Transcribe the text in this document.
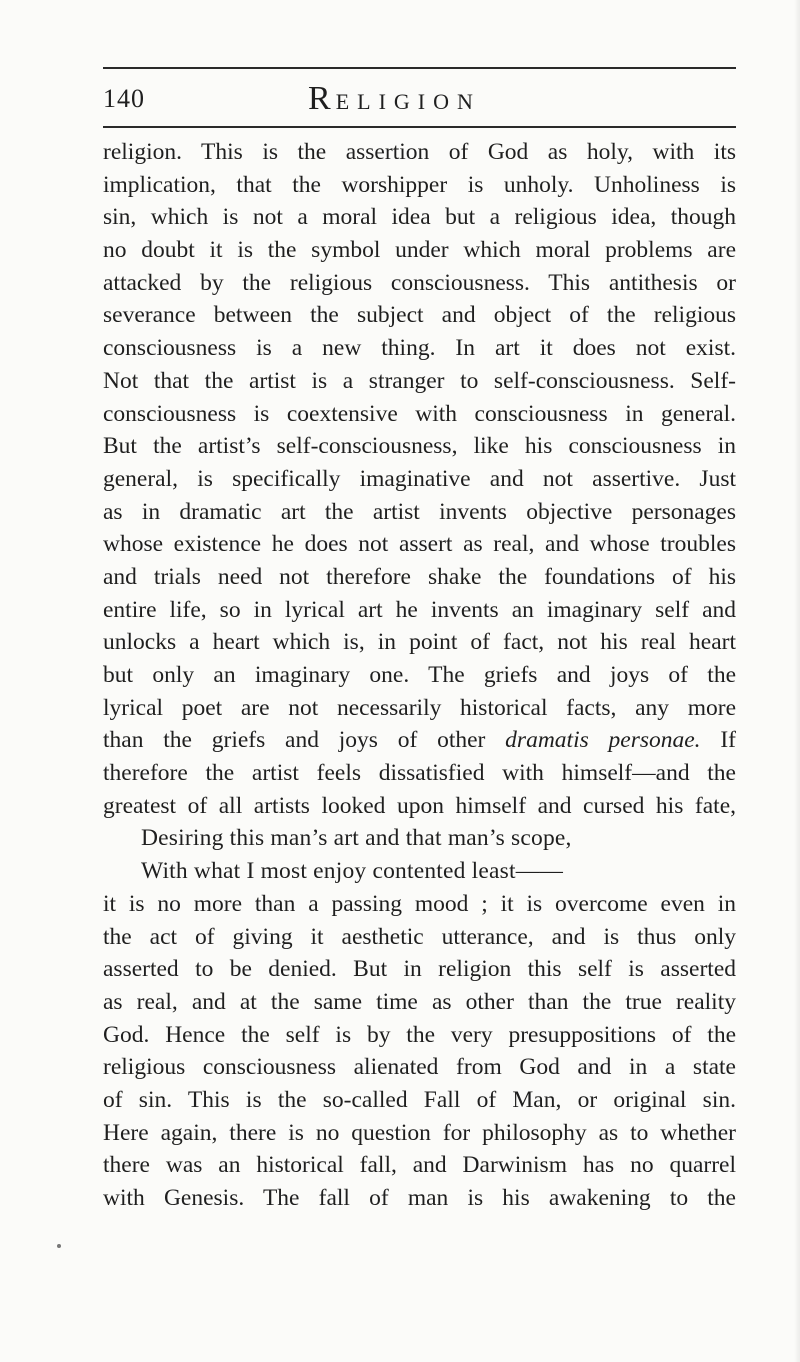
140	RELIGION
religion. This is the assertion of God as holy, with its
implication, that the worshipper is unholy. Unholiness is
sin, which is not a moral idea but a religious idea, though
no doubt it is the symbol under which moral problems are
attacked by the religious consciousness. This antithesis or
severance between the subject and object of the religious
consciousness is a new thing. In art it does not exist.
Not that the artist is a stranger to self-consciousness. Self-
consciousness is coextensive with consciousness in general.
But the artist’s self-consciousness, like his consciousness in
general, is specifically imaginative and not assertive. Just
as in dramatic art the artist invents objective personages
whose existence he does not assert as real, and whose troubles
and trials need not therefore shake the foundations of his
entire life, so in lyrical art he invents an imaginary self and
unlocks a heart which is, in point of fact, not his real heart
but only an imaginary one. The griefs and joys of the
lyrical poet are not necessarily historical facts, any more
than the griefs and joys of other dramatis personae. If
therefore the artist feels dissatisfied with himself—and the
greatest of all artists looked upon himself and cursed his fate,
Desiring this man’s art and that man’s scope,
With what I most enjoy contented least——
it is no more than a passing mood ; it is overcome even in
the act of giving it aesthetic utterance, and is thus only
asserted to be denied. But in religion this self is asserted
as real, and at the same time as other than the true reality
God. Hence the self is by the very presuppositions of the
religious consciousness alienated from God and in a state
of sin. This is the so-called Fall of Man, or original sin.
Here again, there is no question for philosophy as to whether
there was an historical fall, and Darwinism has no quarrel
with Genesis. The fall of man is his awakening to the
